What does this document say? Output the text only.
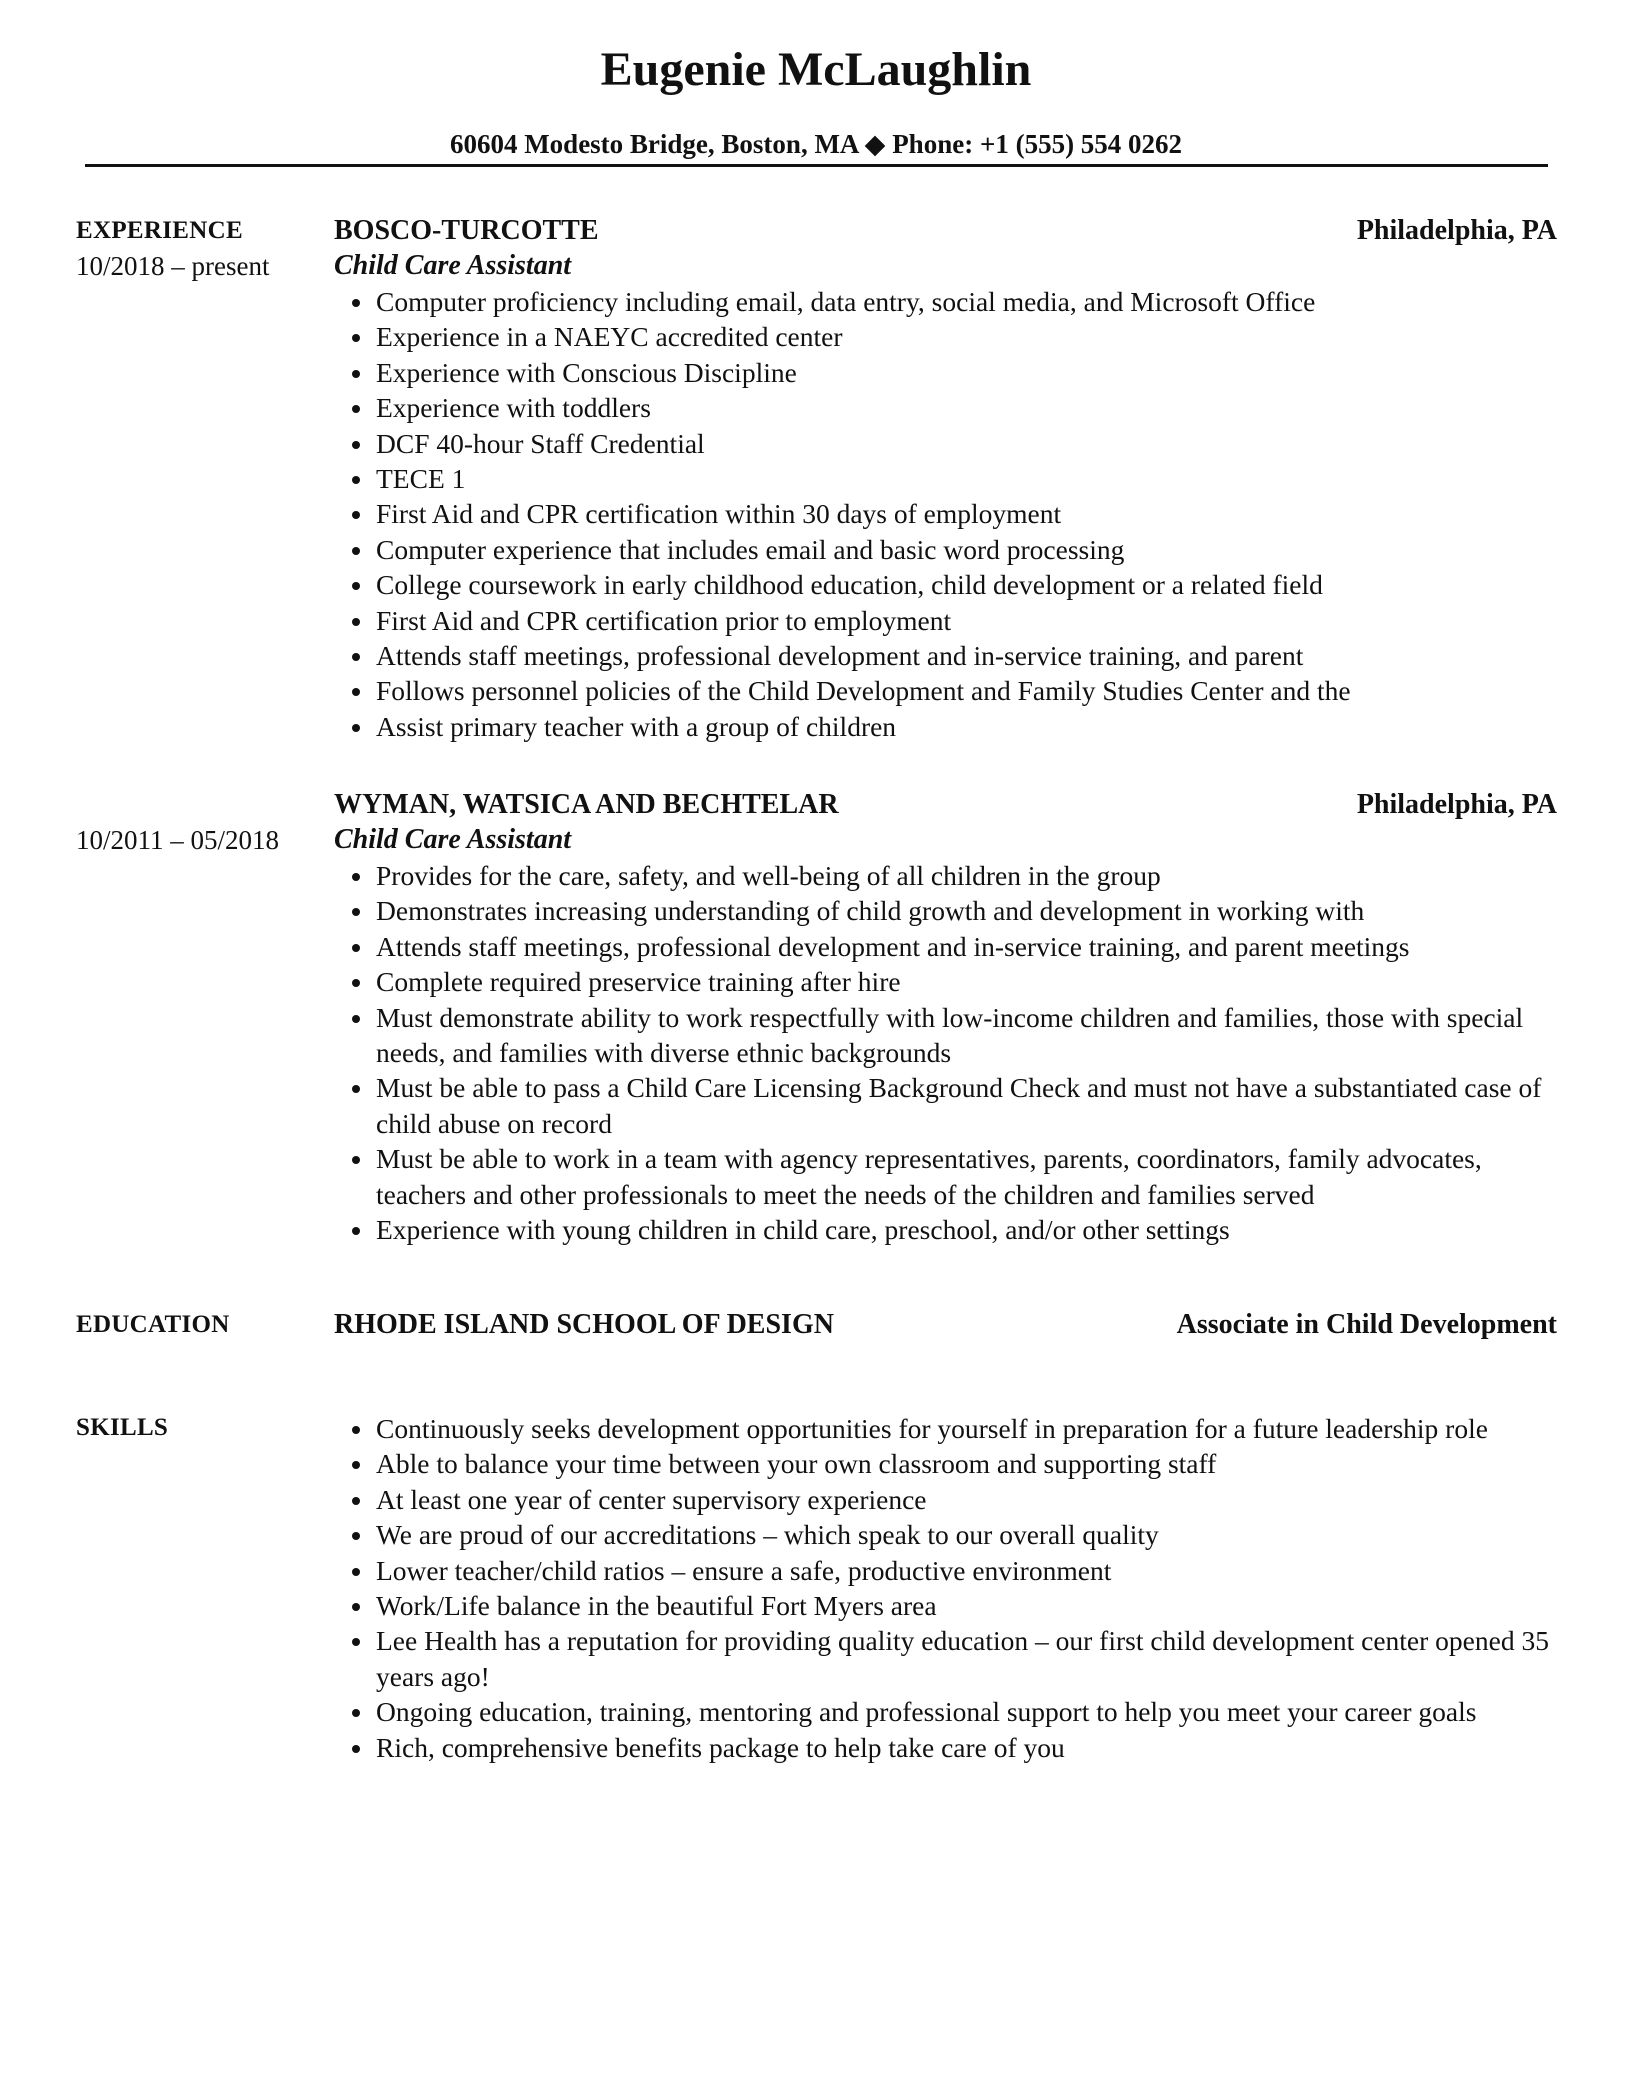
Eugenie McLaughlin
60604 Modesto Bridge, Boston, MA ◆ Phone: +1 (555) 554 0262
EXPERIENCE	BOSCO-TURCOTTE	Philadelphia, PA
10/2018 – present Child Care Assistant
Computer proficiency including email, data entry, social media, and Microsoft Office
Experience in a NAEYC accredited center
Experience with Conscious Discipline
Experience with toddlers
DCF 40-hour Staff Credential
TECE 1
First Aid and CPR certification within 30 days of employment
Computer experience that includes email and basic word processing
College coursework in early childhood education, child development or a related field
First Aid and CPR certification prior to employment
Attends staff meetings, professional development and in-service training, and parent
Follows personnel policies of the Child Development and Family Studies Center and the
Assist primary teacher with a group of children
WYMAN, WATSICA AND BECHTELAR	Philadelphia, PA
10/2011 – 05/2018 Child Care Assistant
Provides for the care, safety, and well-being of all children in the group
Demonstrates increasing understanding of child growth and development in working with
Attends staff meetings, professional development and in-service training, and parent meetings
Complete required preservice training after hire
Must demonstrate ability to work respectfully with low-income children and families, those with special needs, and families with diverse ethnic backgrounds
Must be able to pass a Child Care Licensing Background Check and must not have a substantiated case of child abuse on record
Must be able to work in a team with agency representatives, parents, coordinators, family advocates, teachers and other professionals to meet the needs of the children and families served
Experience with young children in child care, preschool, and/or other settings
EDUCATION	RHODE ISLAND SCHOOL OF DESIGN	Associate in Child Development
SKILLS	Continuously seeks development opportunities for yourself in preparation for a future leadership role
Able to balance your time between your own classroom and supporting staff
At least one year of center supervisory experience
We are proud of our accreditations – which speak to our overall quality
Lower teacher/child ratios – ensure a safe, productive environment
Work/Life balance in the beautiful Fort Myers area
Lee Health has a reputation for providing quality education – our first child development center opened 35 years ago!
Ongoing education, training, mentoring and professional support to help you meet your career goals
Rich, comprehensive benefits package to help take care of you
